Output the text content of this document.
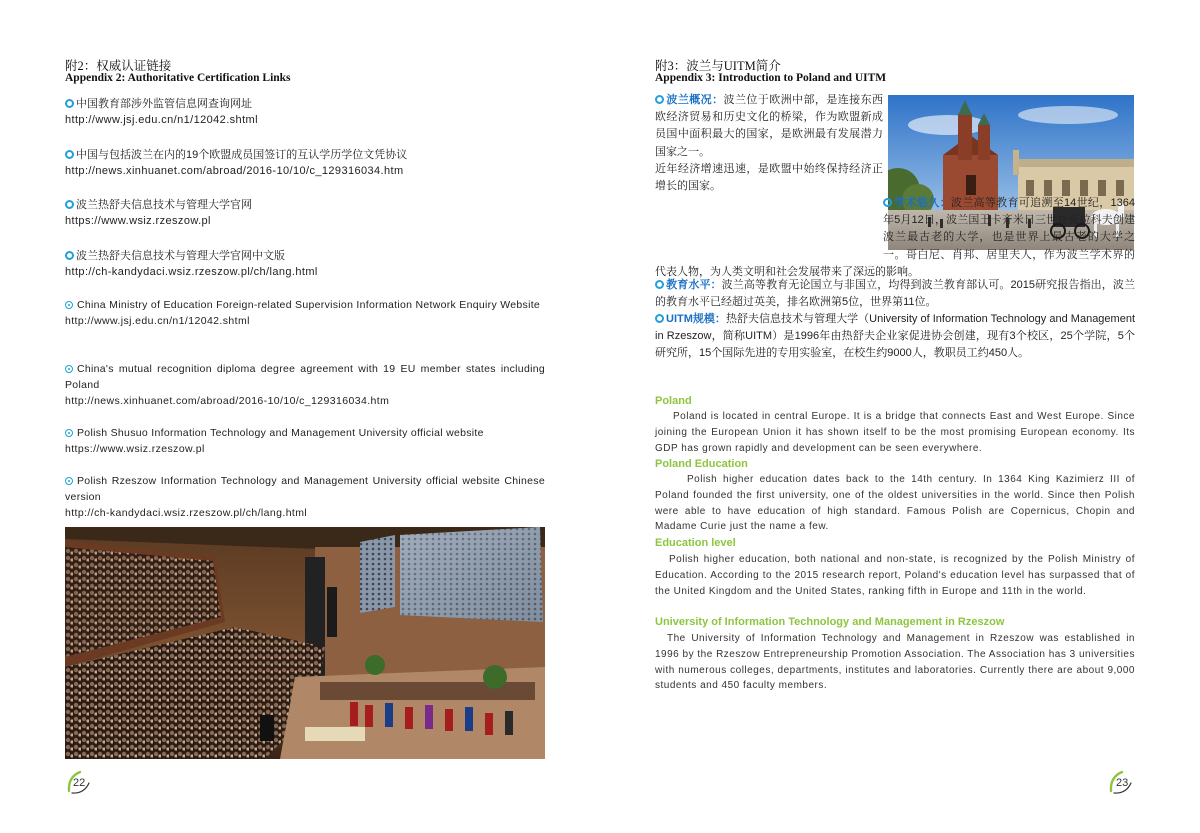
附2：权威认证链接
Appendix 2: Authoritative Certification Links
中国教育部涉外监管信息网查询网址
http://www.jsj.edu.cn/n1/12042.shtml
中国与包括波兰在内的19个欧盟成员国签订的互认学历学位文凭协议
http://news.xinhuanet.com/abroad/2016-10/10/c_129316034.htm
波兰热舒夫信息技术与管理大学官网
https://www.wsiz.rzeszow.pl
波兰热舒夫信息技术与管理大学官网中文版
http://ch-kandydaci.wsiz.rzeszow.pl/ch/lang.html
China Ministry of Education Foreign-related Supervision Information Network Enquiry Website
http://www.jsj.edu.cn/n1/12042.shtml
China's mutual recognition diploma degree agreement with 19 EU member states including Poland
http://news.xinhuanet.com/abroad/2016-10/10/c_129316034.htm
Polish Shusuo Information Technology and Management University official website
https://www.wsiz.rzeszow.pl
Polish Rzeszow Information Technology and Management University official website Chinese version
http://ch-kandydaci.wsiz.rzeszow.pl/ch/lang.html
22
附3：波兰与UITM简介
Appendix 3: Introduction to Poland and UITM
波兰概况：波兰位于欧洲中部，是连接东西欧经济贸易和历史文化的桥梁，作为欧盟新成员国中面积最大的国家，是欧洲最有发展潜力国家之一。
近年经济增速迅速，是欧盟中始终保持经济正增长的国家。
学术悠久：波兰高等教育可追溯至14世纪，1364年5月12日，波兰国王卡齐米日三世在克拉科夫创建波兰最古老的大学，也是世界上最古老的大学之一。哥白尼、肖邦、居里夫人，作为波兰学术界的代表人物，为人类文明和社会发展带来了深远的影响。
教育水平：波兰高等教育无论国立与非国立，均得到波兰教育部认可。2015研究报告指出，波兰的教育水平已经超过英美，排名欧洲第5位，世界第11位。
UITM规模：热舒夫信息技术与管理大学（University of Information Technology and Management in Rzeszow，简称UITM）是1996年由热舒夫企业家促进协会创建，现有3个校区，25个学院，5个研究所，15个国际先进的专用实验室，在校生约9000人，教职员工约450人。
Poland
Poland is located in central Europe. It is a bridge that connects East and West Europe. Since joining the European Union it has shown itself to be the most promising European economy. Its GDP has grown rapidly and development can be seen everywhere.
Poland Education
Polish higher education dates back to the 14th century. In 1364 King Kazimierz III of Poland founded the first university, one of the oldest universities in the world. Since then Polish were able to have education of high standard. Famous Polish are Copernicus, Chopin and Madame Curie just the name a few.
Education level
Polish higher education, both national and non-state, is recognized by the Polish Ministry of Education. According to the 2015 research report, Poland's education level has surpassed that of the United Kingdom and the United States, ranking fifth in Europe and 11th in the world.
University of Information Technology and Management in Rzeszow
The University of Information Technology and Management in Rzeszow was established in 1996 by the Rzeszow Entrepreneurship Promotion Association. The Association has 3 universities with numerous colleges, departments, institutes and laboratories. Currently there are about 9,000 students and 450 faculty members.
23
